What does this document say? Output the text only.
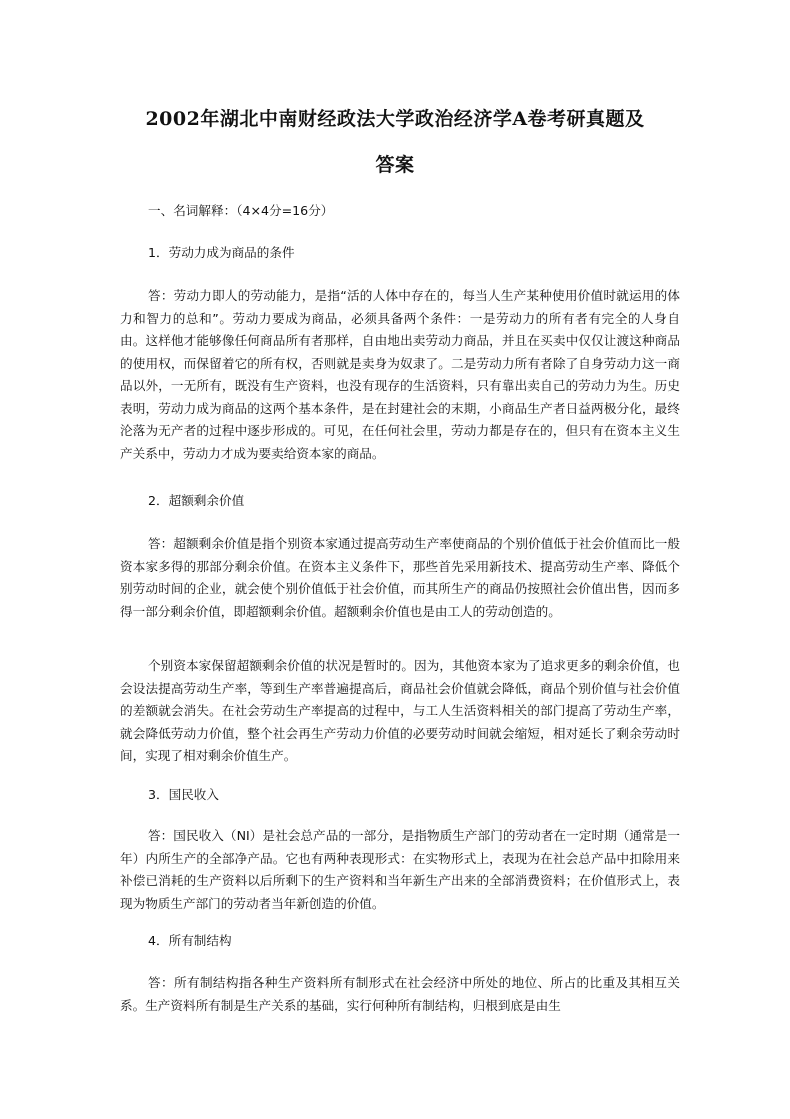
2002年湖北中南财经政法大学政治经济学A卷考研真题及
答案

一、名词解释：（4×4分=16分）

1．劳动力成为商品的条件

答：劳动力即人的劳动能力，是指“活的人体中存在的，每当人生产某种使用价值时就运用的体力和智力的总和”。劳动力要成为商品，必须具备两个条件：一是劳动力的所有者有完全的人身自由。这样他才能够像任何商品所有者那样，自由地出卖劳动力商品，并且在买卖中仅仅让渡这种商品的使用权，而保留着它的所有权，否则就是卖身为奴隶了。二是劳动力所有者除了自身劳动力这一商品以外，一无所有，既没有生产资料，也没有现存的生活资料，只有靠出卖自己的劳动力为生。历史表明，劳动力成为商品的这两个基本条件，是在封建社会的末期，小商品生产者日益两极分化，最终沦落为无产者的过程中逐步形成的。可见，在任何社会里，劳动力都是存在的，但只有在资本主义生产关系中，劳动力才成为要卖给资本家的商品。

2．超额剩余价值

答：超额剩余价值是指个别资本家通过提高劳动生产率使商品的个别价值低于社会价值而比一般资本家多得的那部分剩余价值。在资本主义条件下，那些首先采用新技术、提高劳动生产率、降低个别劳动时间的企业，就会使个别价值低于社会价值，而其所生产的商品仍按照社会价值出售，因而多得一部分剩余价值，即超额剩余价值。超额剩余价值也是由工人的劳动创造的。

个别资本家保留超额剩余价值的状况是暂时的。因为，其他资本家为了追求更多的剩余价值，也会设法提高劳动生产率，等到生产率普遍提高后，商品社会价值就会降低，商品个别价值与社会价值的差额就会消失。在社会劳动生产率提高的过程中，与工人生活资料相关的部门提高了劳动生产率，就会降低劳动力价值，整个社会再生产劳动力价值的必要劳动时间就会缩短，相对延长了剩余劳动时间，实现了相对剩余价值生产。

3．国民收入

答：国民收入（NI）是社会总产品的一部分，是指物质生产部门的劳动者在一定时期（通常是一年）内所生产的全部净产品。它也有两种表现形式：在实物形式上，表现为在社会总产品中扣除用来补偿已消耗的生产资料以后所剩下的生产资料和当年新生产出来的全部消费资料；在价值形式上，表现为物质生产部门的劳动者当年新创造的价值。

4．所有制结构

答：所有制结构指各种生产资料所有制形式在社会经济中所处的地位、所占的比重及其相互关系。生产资料所有制是生产关系的基础，实行何种所有制结构，归根到底是由生
